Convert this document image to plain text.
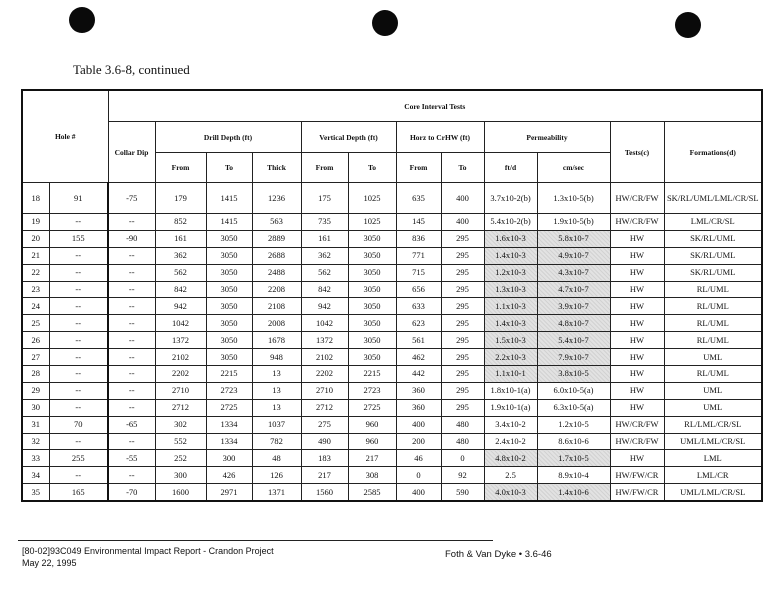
Table 3.6-8, continued
Hole #		Core Interval Tests											
		Collar Dip	Drill Depth (ft)			Vertical Depth (ft)		Horz to CrHW (ft)		Permeability		Tests(c)	Formations(d)
			From	To	Thick	From	To	From	To	ft/d	cm/sec		
18	91	-75	179	1415	1236	175	1025	635	400	3.7x10-2(b)	1.3x10-5(b)	HW/CR/FW	SK/RL/UML/LML/CR/SL
19	--	--	852	1415	563	735	1025	145	400	5.4x10-2(b)	1.9x10-5(b)	HW/CR/FW	LML/CR/SL
20	155	-90	161	3050	2889	161	3050	836	295	1.6x10-3	5.8x10-7	HW	SK/RL/UML
21	--	--	362	3050	2688	362	3050	771	295	1.4x10-3	4.9x10-7	HW	SK/RL/UML
22	--	--	562	3050	2488	562	3050	715	295	1.2x10-3	4.3x10-7	HW	SK/RL/UML
23	--	--	842	3050	2208	842	3050	656	295	1.3x10-3	4.7x10-7	HW	RL/UML
24	--	--	942	3050	2108	942	3050	633	295	1.1x10-3	3.9x10-7	HW	RL/UML
25	--	--	1042	3050	2008	1042	3050	623	295	1.4x10-3	4.8x10-7	HW	RL/UML
26	--	--	1372	3050	1678	1372	3050	561	295	1.5x10-3	5.4x10-7	HW	RL/UML
27	--	--	2102	3050	948	2102	3050	462	295	2.2x10-3	7.9x10-7	HW	UML
28	--	--	2202	2215	13	2202	2215	442	295	1.1x10-1	3.8x10-5	HW	RL/UML
29	--	--	2710	2723	13	2710	2723	360	295	1.8x10-1(a)	6.0x10-5(a)	HW	UML
30	--	--	2712	2725	13	2712	2725	360	295	1.9x10-1(a)	6.3x10-5(a)	HW	UML
31	70	-65	302	1334	1037	275	960	400	480	3.4x10-2	1.2x10-5	HW/CR/FW	RL/LML/CR/SL
32	--	--	552	1334	782	490	960	200	480	2.4x10-2	8.6x10-6	HW/CR/FW	UML/LML/CR/SL
33	255	-55	252	300	48	183	217	46	0	4.8x10-2	1.7x10-5	HW	LML
34	--	--	300	426	126	217	308	0	92	2.5	8.9x10-4	HW/FW/CR	LML/CR
35	165	-70	1600	2971	1371	1560	2585	400	590	4.0x10-3	1.4x10-6	HW/FW/CR	UML/LML/CR/SL
[80-02]93C049 Environmental Impact Report - Crandon Project
May 22, 1995
Foth & Van Dyke • 3.6-46
